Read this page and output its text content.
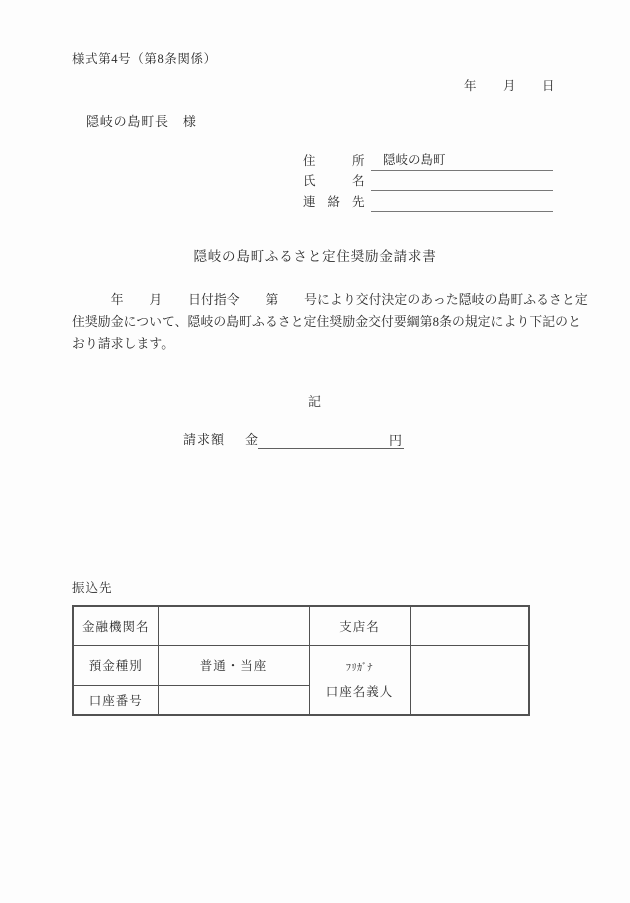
様式第4号（第8条関係）
年　　月　　日
隠岐の島町長 様
住　所	隠岐の島町
氏　名
連絡先
隠岐の島町ふるさと定住奨励金請求書
　　　年　　月　　日付指令　　第　　号により交付決定のあった隠岐の島町ふるさと定
住奨励金について、隠岐の島町ふるさと定住奨励金交付要綱第8条の規定により下記のと
おり請求します。
記
請求額 金	円
振込先
金融機関名		支店名	
預金種別	普通・当座	ﾌﾘｶﾞﾅ
口座名義人	

口座番号			
